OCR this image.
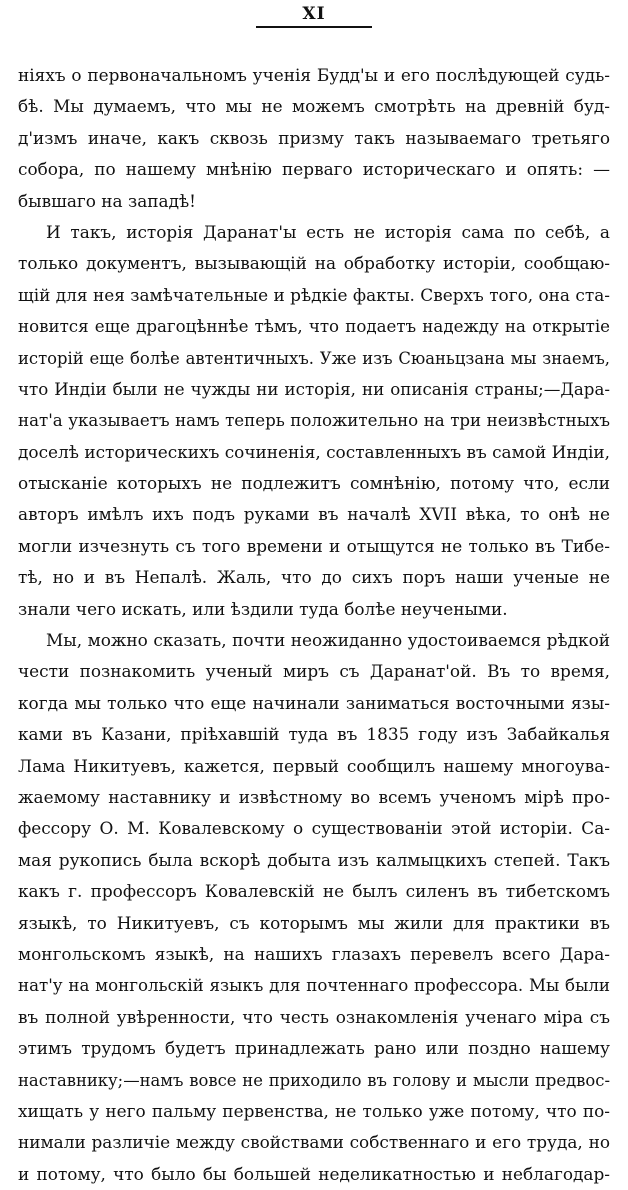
XI
ніяхъ о первоначальномъ ученія Будд'ы и его послѣдующей судь-
бѣ. Мы думаемъ, что мы не можемъ смотрѣть на древній буд-
д'измъ иначе, какъ сквозь призму такъ называемаго третьяго
собора, по нашему мнѣнію перваго историческаго и опять: —
бывшаго на западѣ!
И такъ, исторія Даранат'ы есть не исторія сама по себѣ, а
только документъ, вызывающій на обработку исторіи, сообщаю-
щій для нея замѣчательные и рѣдкіе факты. Сверхъ того, она ста-
новится еще драгоцѣннѣе тѣмъ, что подаетъ надежду на открытіе
исторій еще болѣе автентичныхъ. Уже изъ Сюаньцзана мы знаемъ,
что Индіи были не чужды ни исторія, ни описанія страны;—Дара-
нат'а указываетъ намъ теперь положительно на три неизвѣстныхъ
доселѣ историческихъ сочиненія, составленныхъ въ самой Индіи,
отысканіе которыхъ не подлежитъ сомнѣнію, потому что, если
авторъ имѣлъ ихъ подъ руками въ началѣ XVII вѣка, то онѣ не
могли изчезнуть съ того времени и отыщутся не только въ Тибе-
тѣ, но и въ Непалѣ. Жаль, что до сихъ поръ наши ученые не
знали чего искать, или ѣздили туда болѣе неучеными.
Мы, можно сказать, почти неожиданно удостоиваемся рѣдкой
чести познакомить ученый миръ съ Даранат'ой. Въ то время,
когда мы только что еще начинали заниматься восточными язы-
ками въ Казани, пріѣхавшій туда въ 1835 году изъ Забайкалья
Лама Никитуевъ, кажется, первый сообщилъ нашему многоува-
жаемому наставнику и извѣстному во всемъ ученомъ мірѣ про-
фессору О. М. Ковалевскому о существованіи этой исторіи. Са-
мая рукопись была вскорѣ добыта изъ калмыцкихъ степей. Такъ
какъ г. профессоръ Ковалевскій не былъ силенъ въ тибетскомъ
языкѣ, то Никитуевъ, съ которымъ мы жили для практики въ
монгольскомъ языкѣ, на нашихъ глазахъ перевелъ всего Дара-
нат'у на монгольскій языкъ для почтеннаго профессора. Мы были
въ полной увѣренности, что честь ознакомленія ученаго міра съ
этимъ трудомъ будетъ принадлежать рано или поздно нашему
наставнику;—намъ вовсе не приходило въ голову и мысли предвос-
хищать у него пальму первенства, не только уже потому, что по-
нимали различіе между свойствами собственнаго и его труда, но
и потому, что было бы большей неделикатностью и неблагодар-
